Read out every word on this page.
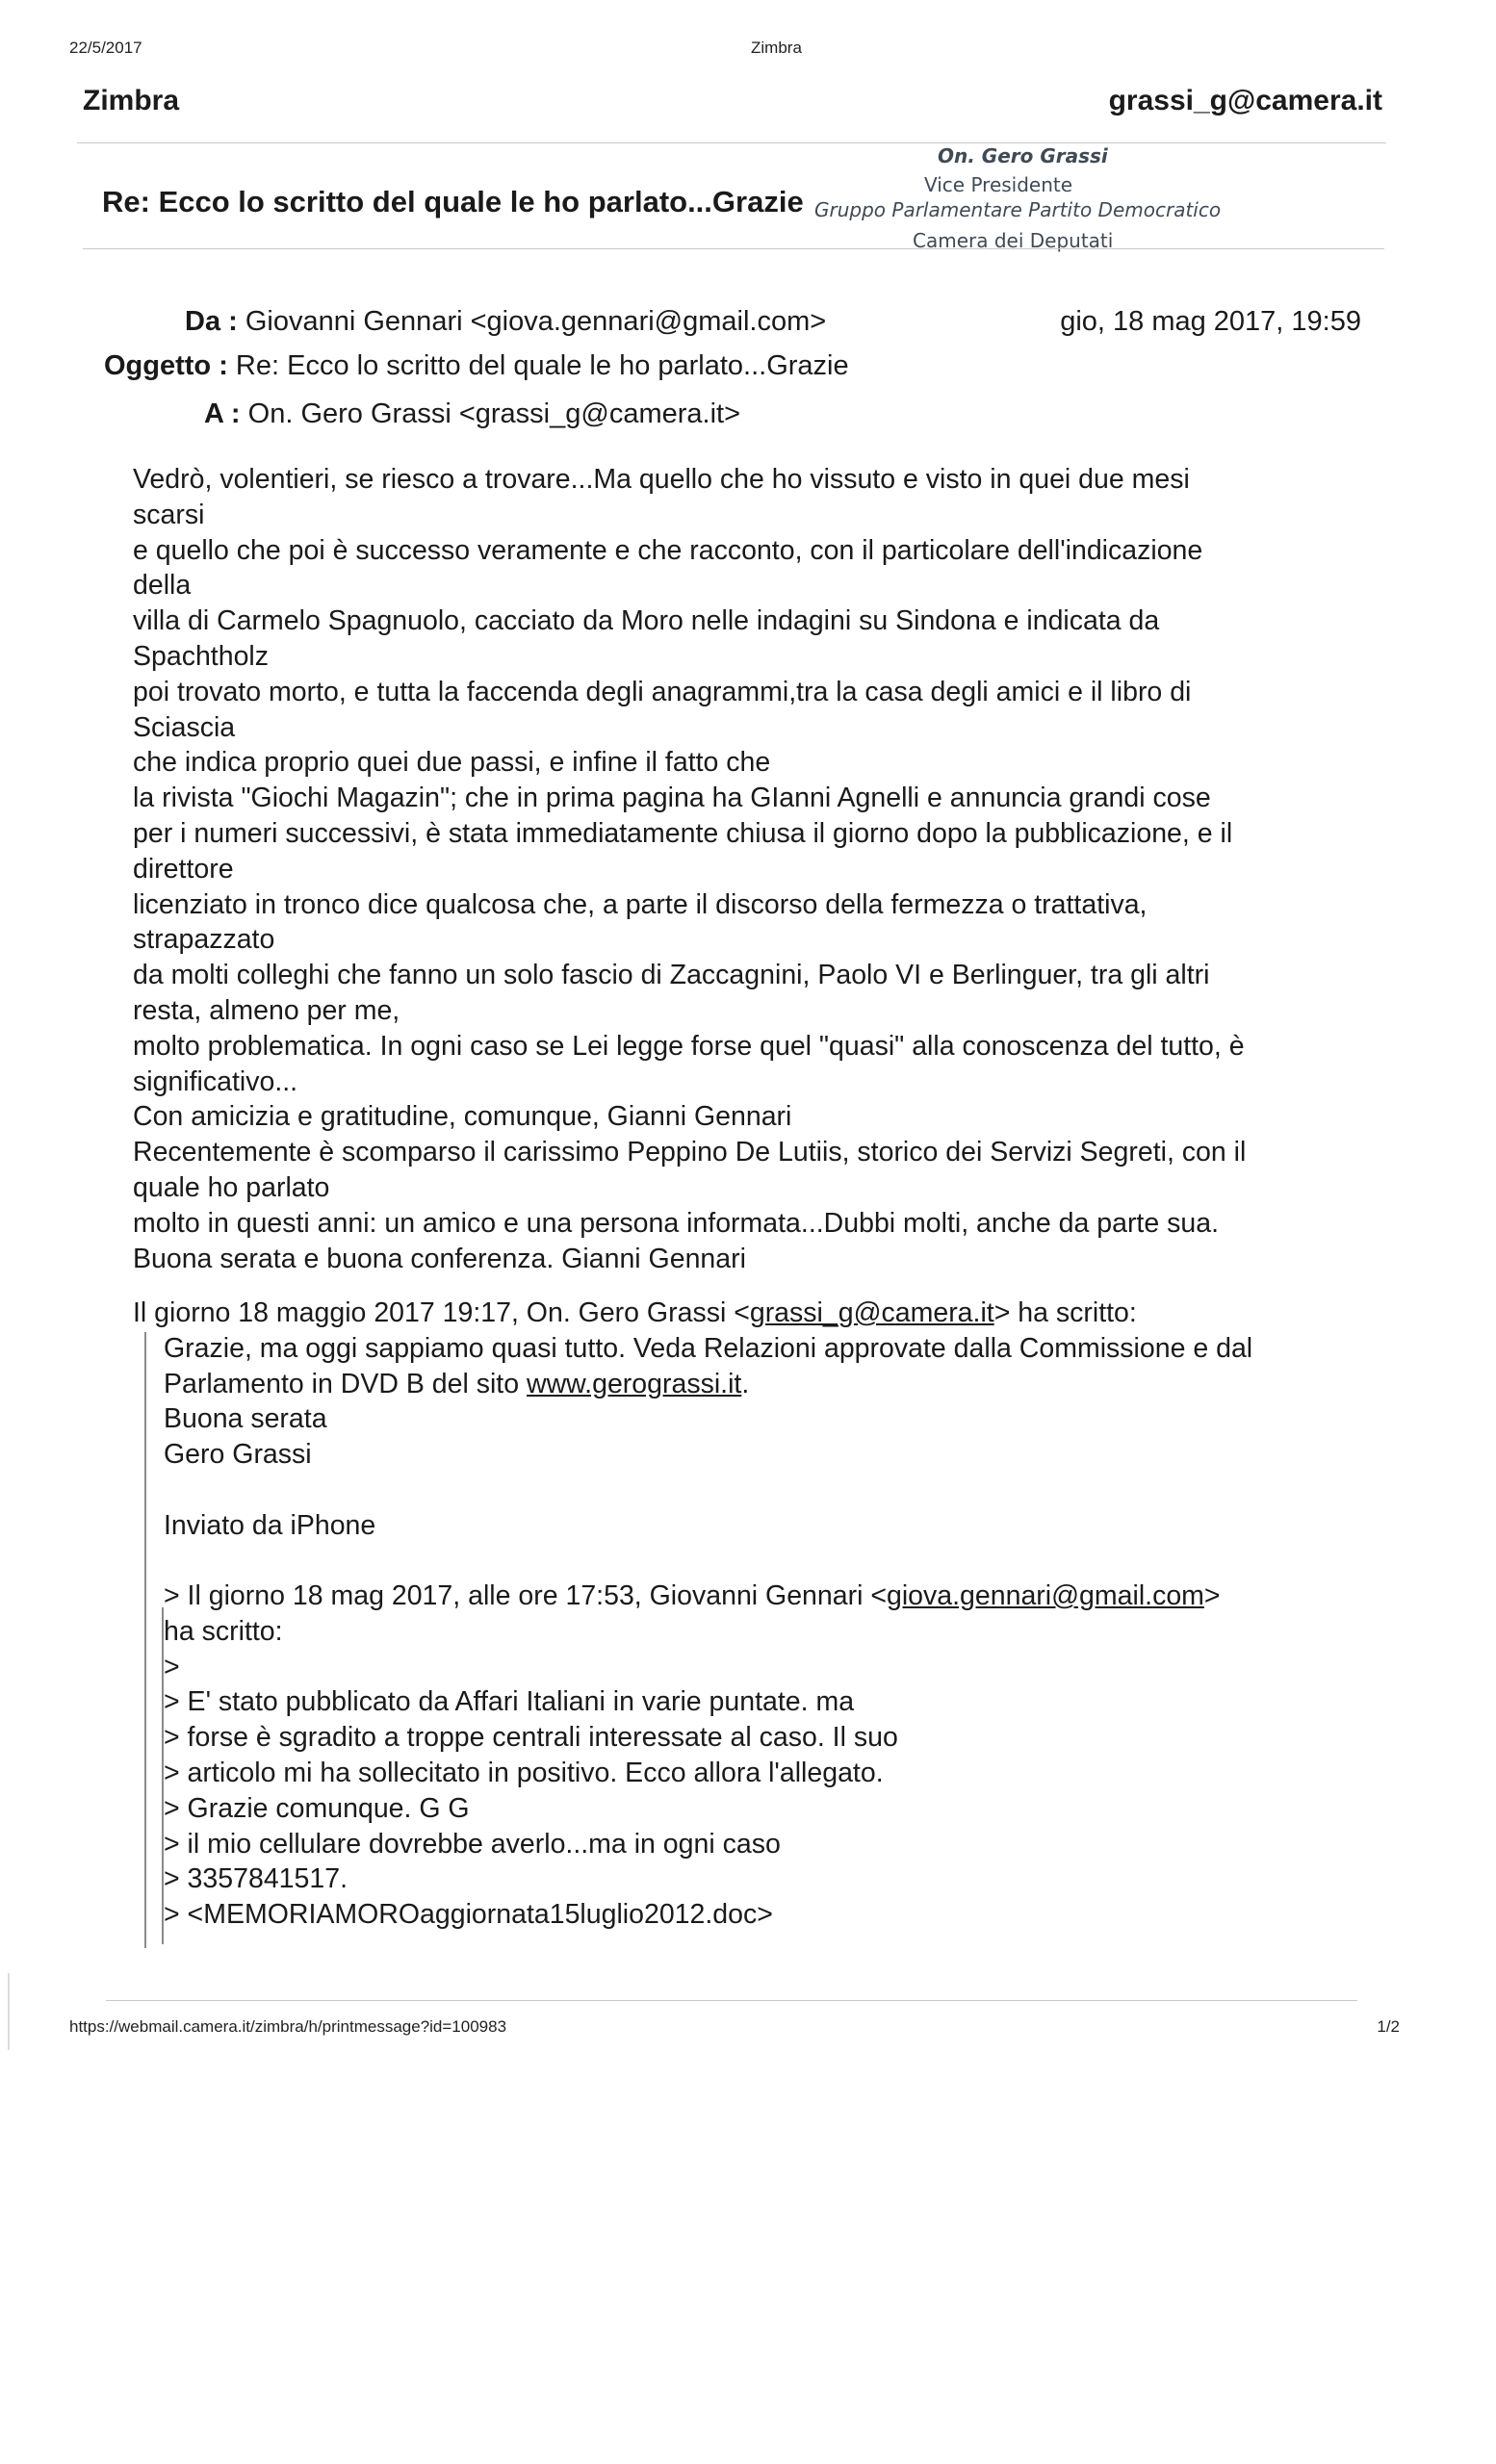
22/5/2017	Zimbra
Zimbra	grassi_g@camera.it
Re: Ecco lo scritto del quale le ho parlato...Grazie
On. Gero Grassi
Vice Presidente
Gruppo Parlamentare Partito Democratico
Camera dei Deputati
Da : Giovanni Gennari <giova.gennari@gmail.com>	gio, 18 mag 2017, 19:59
Oggetto : Re: Ecco lo scritto del quale le ho parlato...Grazie
A : On. Gero Grassi <grassi_g@camera.it>

Vedrò, volentieri, se riesco a trovare...Ma quello che ho vissuto e visto in quei due mesi

scarsi

e quello che poi è successo veramente e che racconto, con il particolare dell'indicazione

della

villa di Carmelo Spagnuolo, cacciato da Moro nelle indagini su Sindona e indicata da

Spachtholz

poi trovato morto, e tutta la faccenda degli anagrammi,tra la casa degli amici e il libro di

Sciascia

che indica proprio quei due passi, e infine il fatto che

la rivista "Giochi Magazin"; che in prima pagina ha GIanni Agnelli e annuncia grandi cose

per i numeri successivi, è stata immediatamente chiusa il giorno dopo la pubblicazione, e il

direttore

licenziato in tronco dice qualcosa che, a parte il discorso della fermezza o trattativa,

strapazzato

da molti colleghi che fanno un solo fascio di Zaccagnini, Paolo VI e Berlinguer, tra gli altri

resta, almeno per me,

molto problematica. In ogni caso se Lei legge forse quel "quasi" alla conoscenza del tutto, è

significativo...

Con amicizia e gratitudine, comunque, Gianni Gennari

Recentemente è scomparso il carissimo Peppino De Lutiis, storico dei Servizi Segreti, con il

quale ho parlato

molto in questi anni: un amico e una persona informata...Dubbi molti, anche da parte sua.

Buona serata e buona conferenza. Gianni Gennari

Il giorno 18 maggio 2017 19:17, On. Gero Grassi <grassi_g@camera.it> ha scritto:

Grazie, ma oggi sappiamo quasi tutto. Veda Relazioni approvate dalla Commissione e dal

Parlamento in DVD B del sito www.gerograssi.it.

Buona serata

Gero Grassi

Inviato da iPhone

> Il giorno 18 mag 2017, alle ore 17:53, Giovanni Gennari <giova.gennari@gmail.com>

ha scritto:

>

> E' stato pubblicato da Affari Italiani in varie puntate. ma

> forse è sgradito a troppe centrali interessate al caso. Il suo

> articolo mi ha sollecitato in positivo. Ecco allora l'allegato.

> Grazie comunque. G G

> il mio cellulare dovrebbe averlo...ma in ogni caso

> 3357841517.

> <MEMORIAMOROaggiornata15luglio2012.doc>

https://webmail.camera.it/zimbra/h/printmessage?id=100983	1/2
